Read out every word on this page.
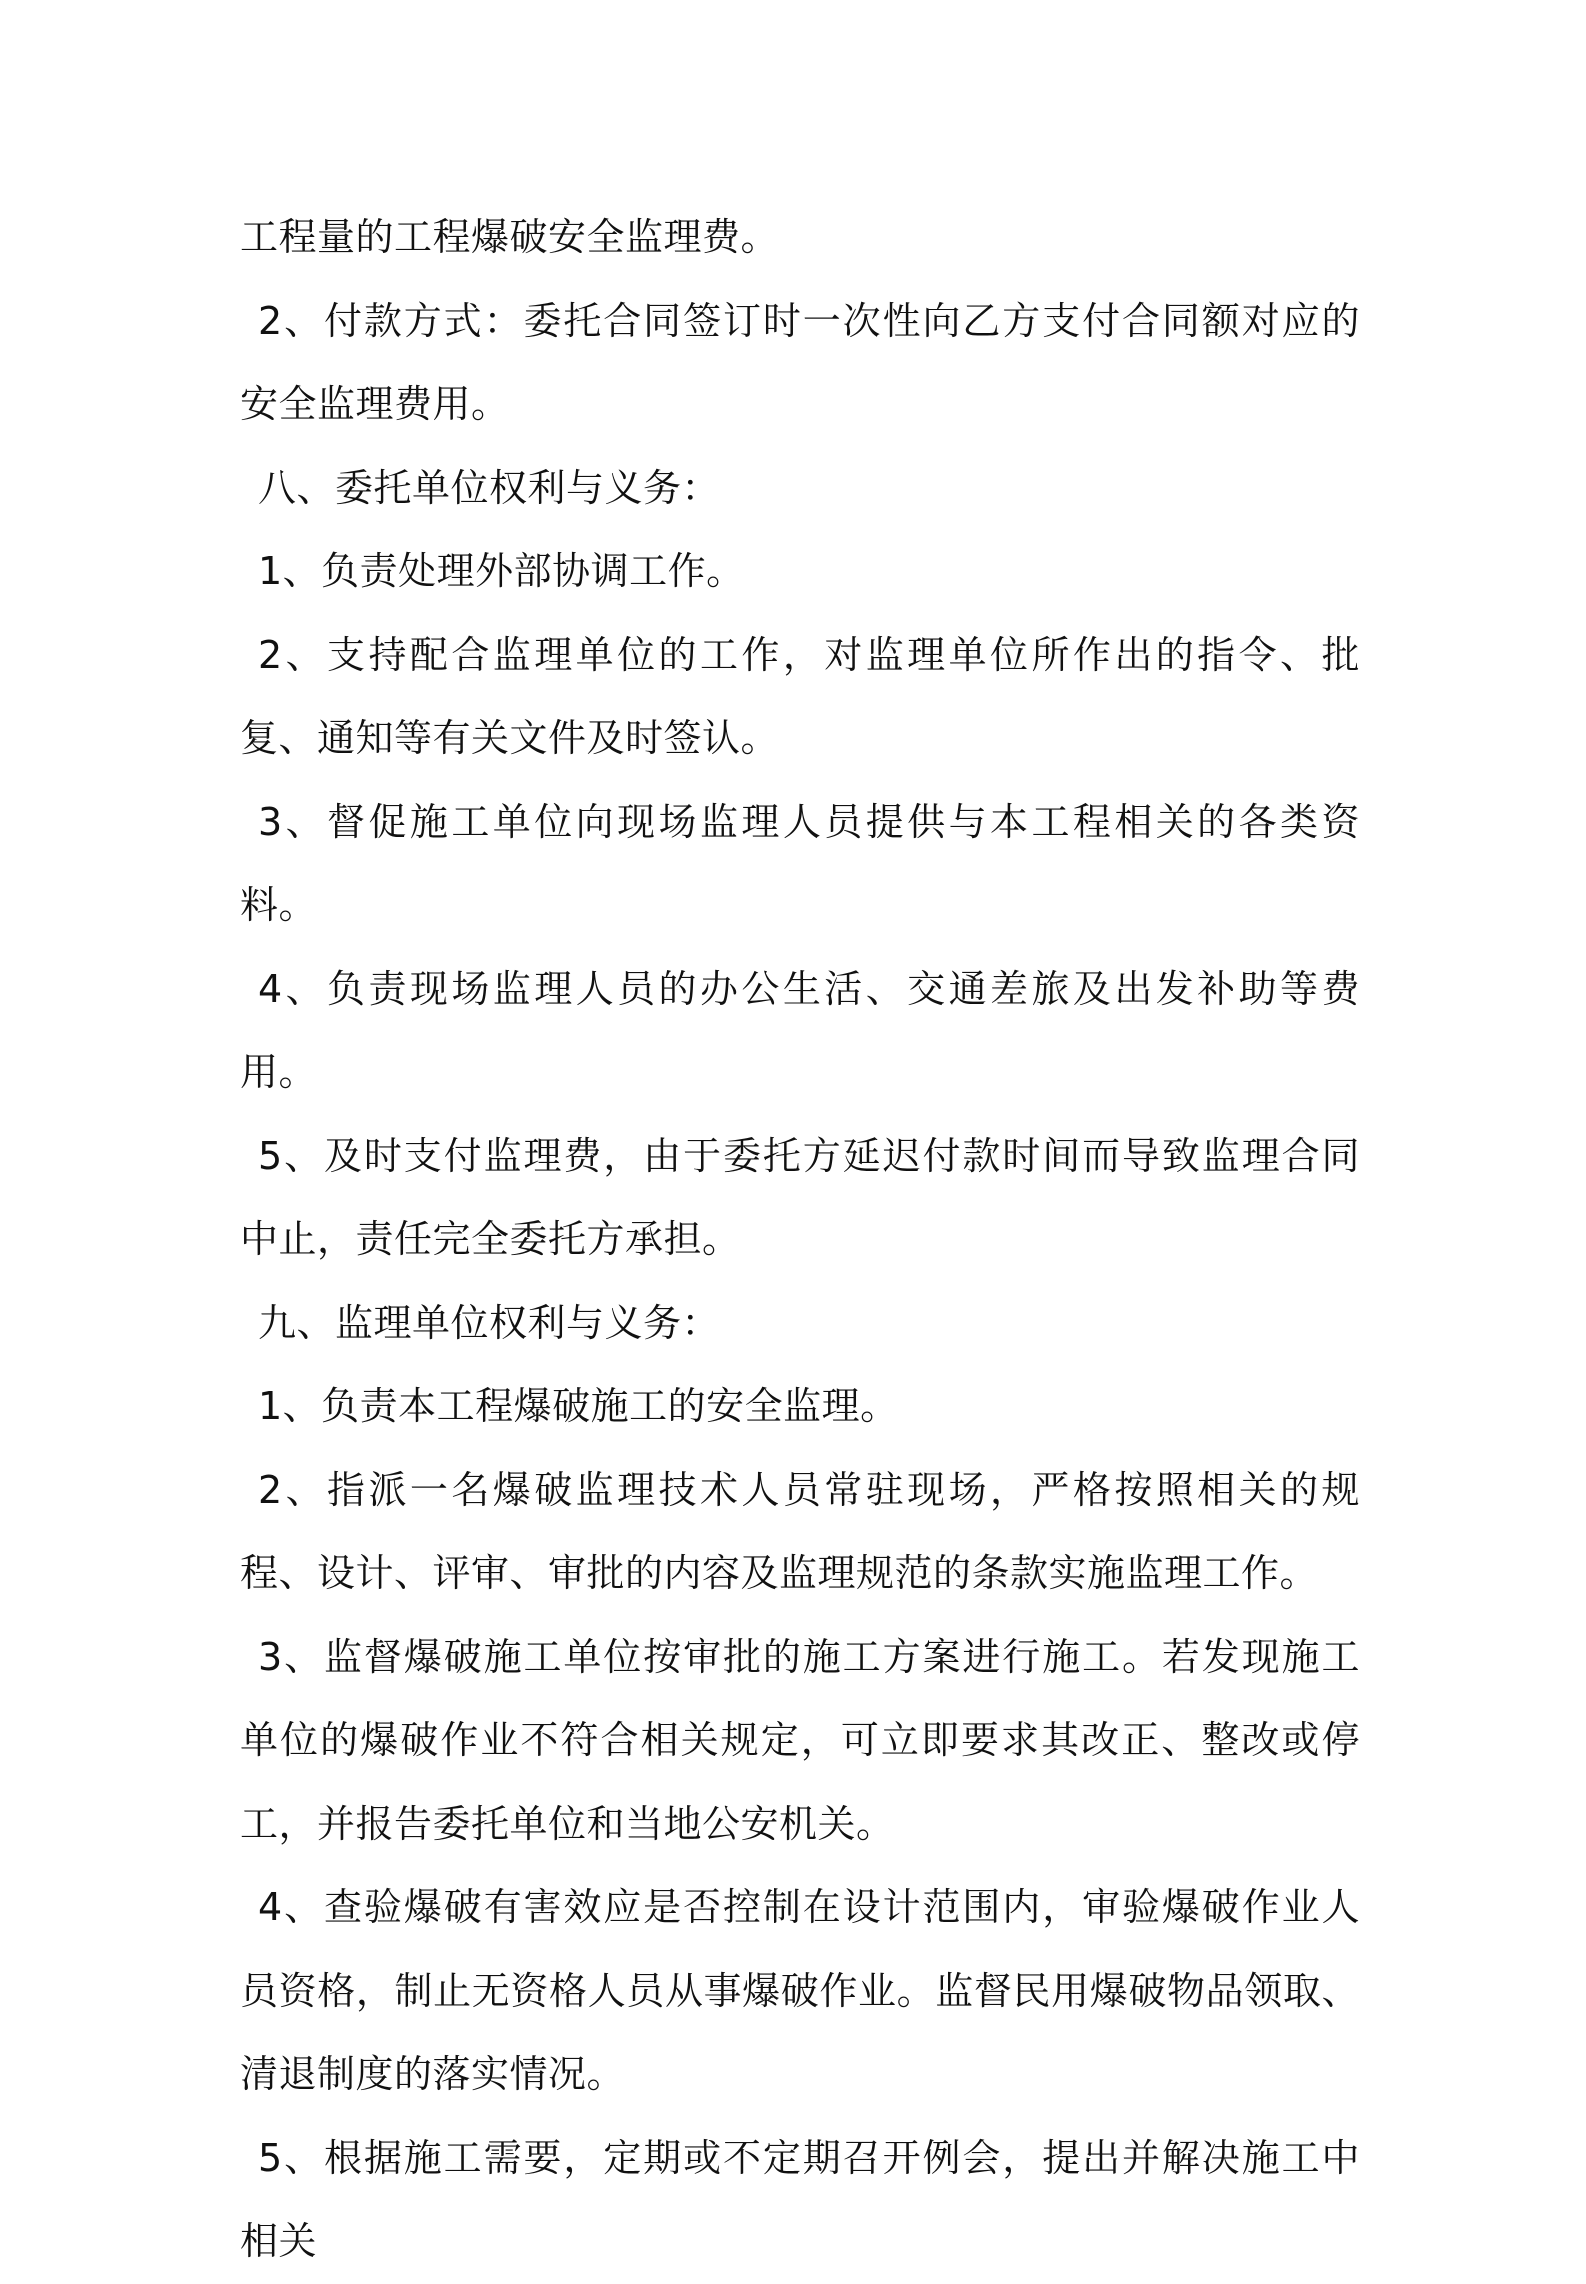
工程量的工程爆破安全监理费。

2、付款方式：委托合同签订时一次性向乙方支付合同额对应的安全监理费用。

八、委托单位权利与义务：

1、负责处理外部协调工作。

2、支持配合监理单位的工作，对监理单位所作出的指令、批复、通知等有关文件及时签认。

3、督促施工单位向现场监理人员提供与本工程相关的各类资料。

4、负责现场监理人员的办公生活、交通差旅及出发补助等费用。

5、及时支付监理费，由于委托方延迟付款时间而导致监理合同中止，责任完全委托方承担。

九、监理单位权利与义务：

1、负责本工程爆破施工的安全监理。

2、指派一名爆破监理技术人员常驻现场，严格按照相关的规程、设计、评审、审批的内容及监理规范的条款实施监理工作。

3、监督爆破施工单位按审批的施工方案进行施工。若发现施工单位的爆破作业不符合相关规定，可立即要求其改正、整改或停工，并报告委托单位和当地公安机关。

4、查验爆破有害效应是否控制在设计范围内，审验爆破作业人员资格，制止无资格人员从事爆破作业。监督民用爆破物品领取、清退制度的落实情况。

5、根据施工需要，定期或不定期召开例会，提出并解决施工中相关
